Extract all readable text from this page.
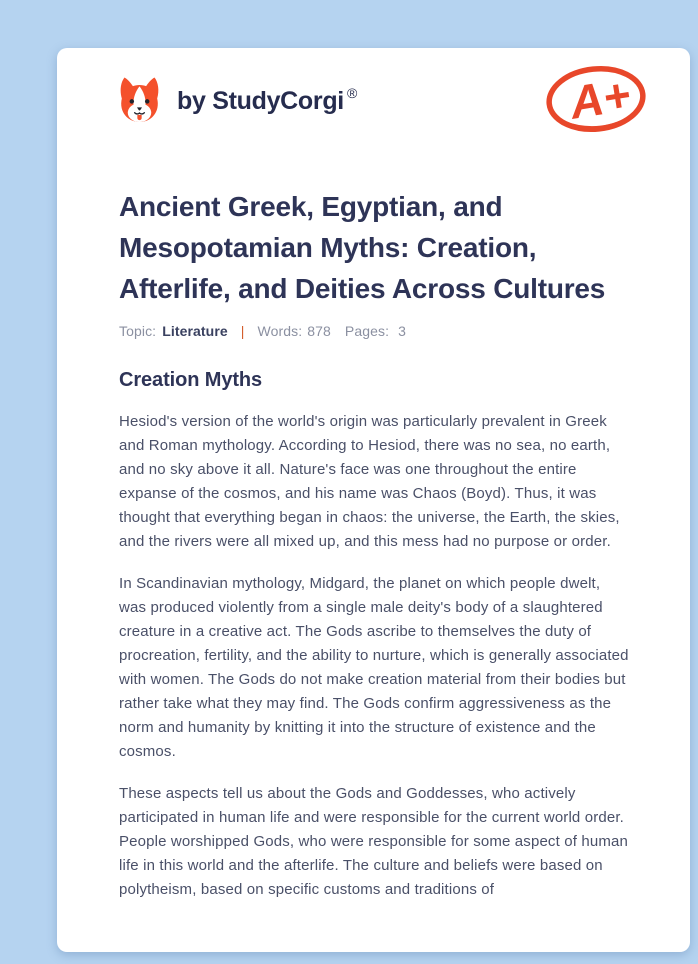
by StudyCorgi ®	A+
Ancient Greek, Egyptian, and Mesopotamian Myths: Creation, Afterlife, and Deities Across Cultures
Topic: Literature | Words: 878 Pages: 3
Creation Myths

Hesiod's version of the world's origin was particularly prevalent in Greek and Roman mythology. According to Hesiod, there was no sea, no earth, and no sky above it all. Nature's face was one throughout the entire expanse of the cosmos, and his name was Chaos (Boyd). Thus, it was thought that everything began in chaos: the universe, the Earth, the skies, and the rivers were all mixed up, and this mess had no purpose or order.

In Scandinavian mythology, Midgard, the planet on which people dwelt, was produced violently from a single male deity's body of a slaughtered creature in a creative act. The Gods ascribe to themselves the duty of procreation, fertility, and the ability to nurture, which is generally associated with women. The Gods do not make creation material from their bodies but rather take what they may find. The Gods confirm aggressiveness as the norm and humanity by knitting it into the structure of existence and the cosmos.

These aspects tell us about the Gods and Goddesses, who actively participated in human life and were responsible for the current world order. People worshipped Gods, who were responsible for some aspect of human life in this world and the afterlife. The culture and beliefs were based on polytheism, based on specific customs and traditions of
